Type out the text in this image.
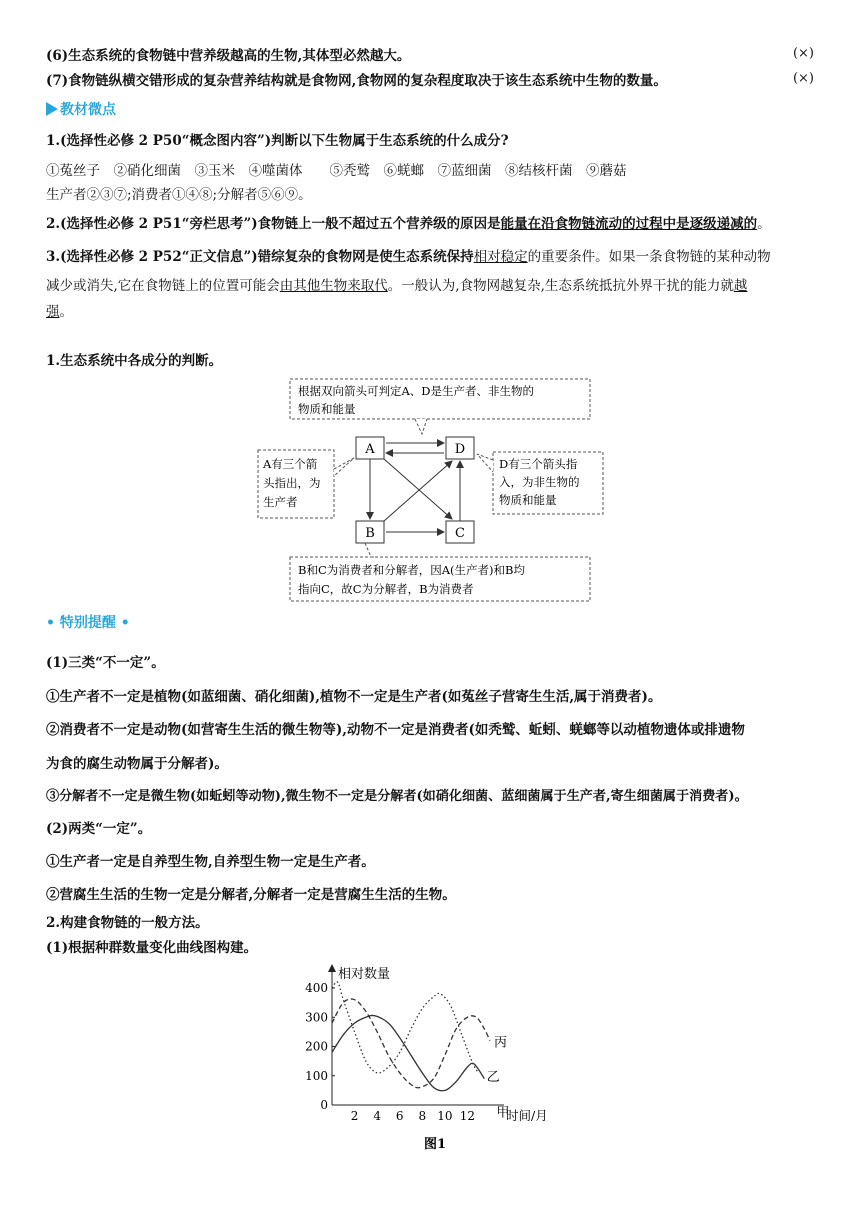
(6)生态系统的食物链中营养级越高的生物,其体型必然越大。	(×)
(7)食物链纵横交错形成的复杂营养结构就是食物网,食物网的复杂程度取决于该生态系统中生物的数量。	(×)
教材微点
1.(选择性必修 2 P50“概念图内容”)判断以下生物属于生态系统的什么成分?
①菟丝子　②硝化细菌　③玉米　④噬菌体　　⑤秃鹫　⑥蜣螂　⑦蓝细菌　⑧结核杆菌　⑨蘑菇
生产者②③⑦;消费者①④⑧;分解者⑤⑥⑨。
2.(选择性必修 2 P51“旁栏思考”)食物链上一般不超过五个营养级的原因是能量在沿食物链流动的过程中是逐级递减的。
3.(选择性必修 2 P52“正文信息”)错综复杂的食物网是使生态系统保持相对稳定的重要条件。如果一条食物链的某种动物
减少或消失,它在食物链上的位置可能会由其他生物来取代。一般认为,食物网越复杂,生态系统抵抗外界干扰的能力就越
强。
1.生态系统中各成分的判断。
根据双向箭头可判定A、D是生产者、非生物的
物质和能量
A有三个箭
头指出，为
生产者
D有三个箭头指
入，为非生物的
物质和能量
A	D
B	C
B和C为消费者和分解者，因A(生产者)和B均
指向C，故C为分解者，B为消费者
• 特别提醒 •
(1)三类“不一定”。
①生产者不一定是植物(如蓝细菌、硝化细菌),植物不一定是生产者(如菟丝子营寄生生活,属于消费者)。
②消费者不一定是动物(如营寄生生活的微生物等),动物不一定是消费者(如秃鹫、蚯蚓、蜣螂等以动植物遗体或排遗物
为食的腐生动物属于分解者)。
③分解者不一定是微生物(如蚯蚓等动物),微生物不一定是分解者(如硝化细菌、蓝细菌属于生产者,寄生细菌属于消费者)。
(2)两类“一定”。
①生产者一定是自养型生物,自养型生物一定是生产者。
②营腐生生活的生物一定是分解者,分解者一定是营腐生生活的生物。
2.构建食物链的一般方法。
(1)根据种群数量变化曲线图构建。
相对数量
时间/月
0
100
200
300
400
2 4 6 8 10 12 甲
乙
丙
图1
